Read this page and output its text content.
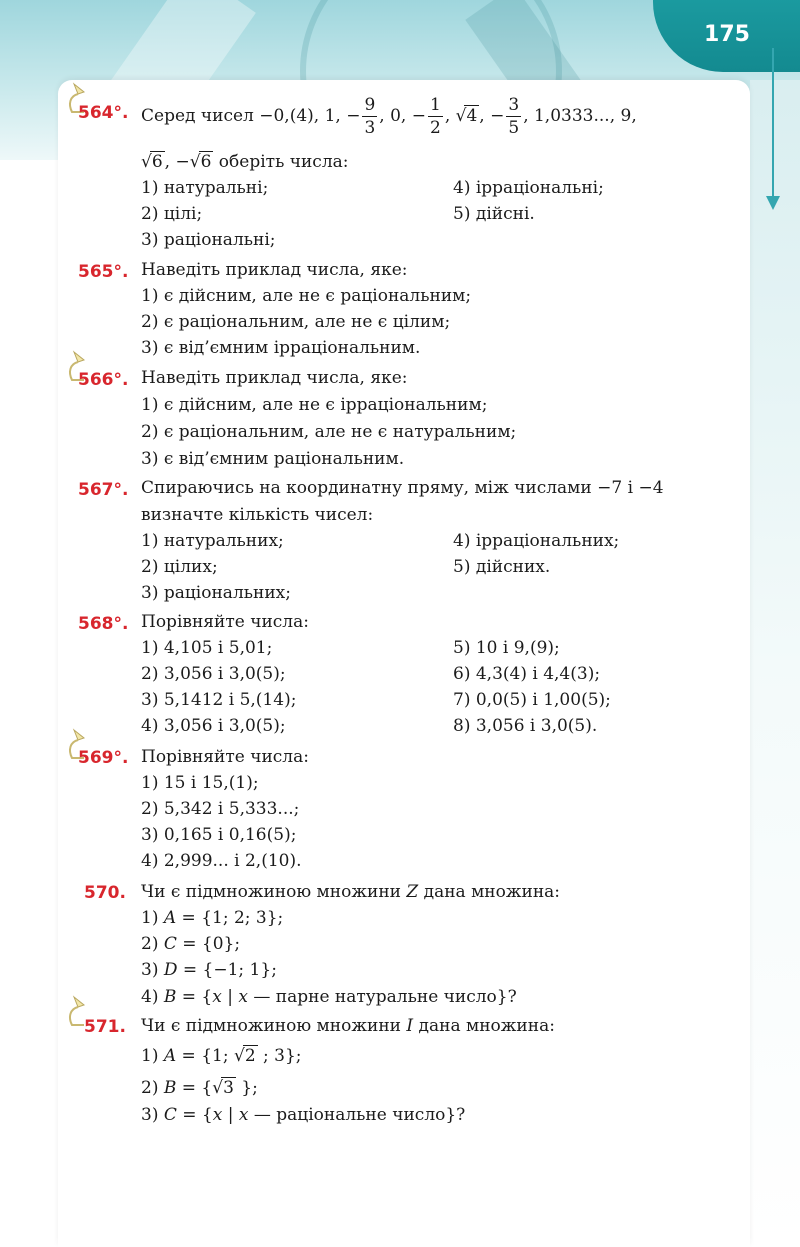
175
564°. Серед чисел −0,(4), 1, − $\frac{9}{3}$ , 0, − $\frac{1}{2}$ , √4 , − $\frac{3}{5}$ , 1,0333..., 9,
√6 , −√6 оберіть числа:
1) натуральні;
2) цілі;
3) раціональні;
4) ірраціональні;
5) дійсні.
565°. Наведіть приклад числа, яке:
1) є дійсним, але не є раціональним;
2) є раціональним, але не є цілим;
3) є від’ємним ірраціональним.
566°. Наведіть приклад числа, яке:
1) є дійсним, але не є ірраціональним;
2) є раціональним, але не є натуральним;
3) є від’ємним раціональним.
567°. Спираючись на координатну пряму, між числами −7 і −4
визначте кількість чисел:
1) натуральних;
2) цілих;
3) раціональних;
4) ірраціональних;
5) дійсних.
568°. Порівняйте числа:
1) 4,105 і 5,01;
2) 3,056 і 3,0(5);
3) 5,1412 і 5,(14);
4) 3,056 і 3,0(5);
5) 10 і 9,(9);
6) 4,3(4) і 4,4(3);
7) 0,0(5) і 1,00(5);
8) 3,056 і 3,0(5).
569°. Порівняйте числа:
1) 15 і 15,(1);
2) 5,342 і 5,333...;
3) 0,165 і 0,16(5);
4) 2,999... і 2,(10).
570. Чи є підмножиною множини Z дана множина:
1) A = {1; 2; 3};
2) C = {0};
3) D = {−1; 1};
4) B = {x | x — парне натуральне число}?
571. Чи є підмножиною множини I дана множина:
1) A = {1; √2 ; 3};
2) B = {√3 };
3) C = {x | x — раціональне число}?
